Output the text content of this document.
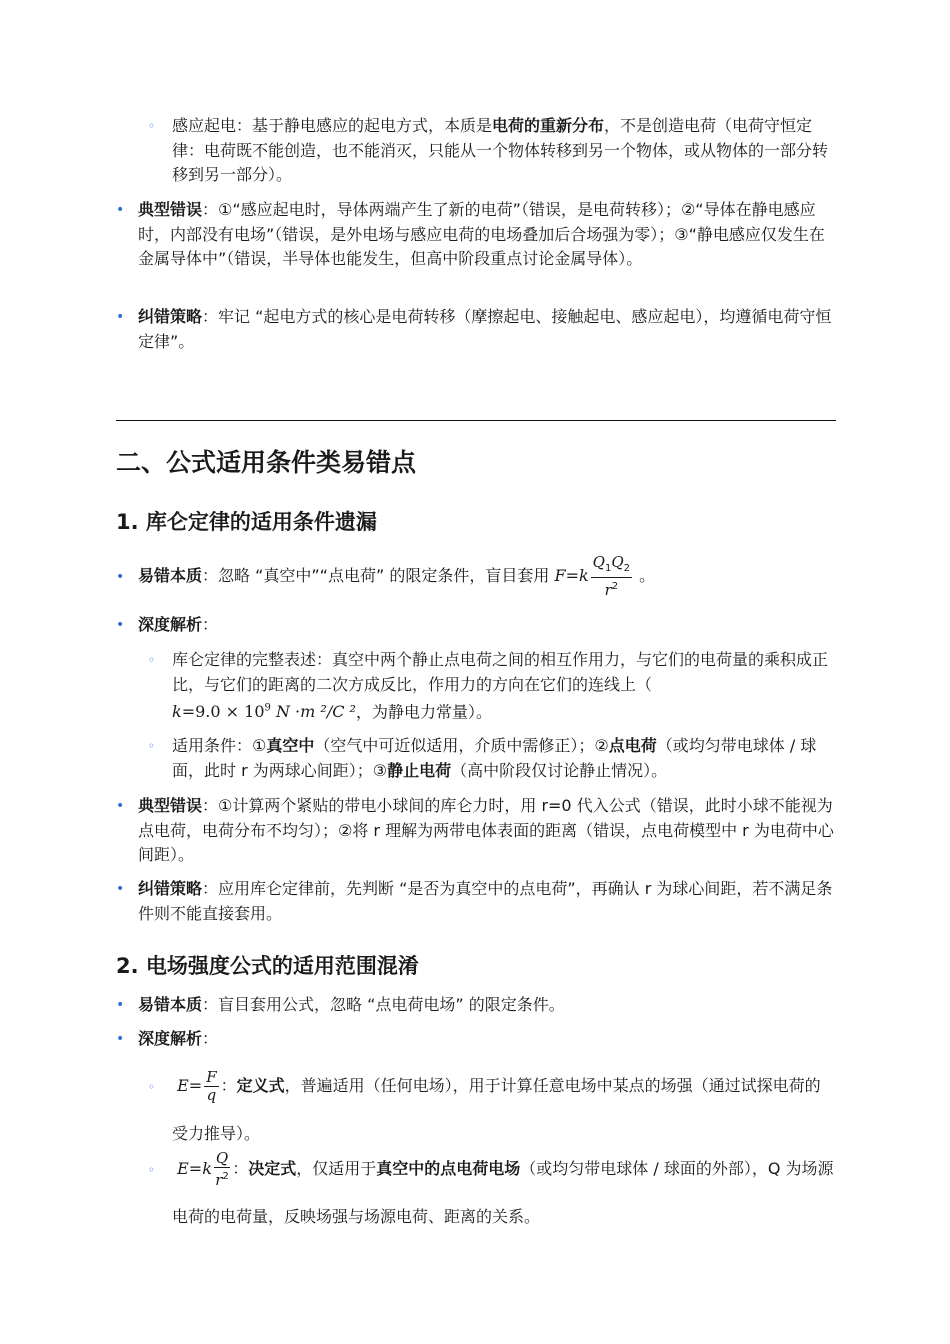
◦ 感应起电：基于静电感应的起电方式，本质是电荷的重新分布，不是创造电荷（电荷守恒定律：电荷既不能创造，也不能消灭，只能从一个物体转移到另一个物体，或从物体的一部分转移到另一部分）。
• 典型错误：①“感应起电时，导体两端产生了新的电荷”（错误，是电荷转移）；②“导体在静电感应时，内部没有电场”（错误，是外电场与感应电荷的电场叠加后合场强为零）；③“静电感应仅发生在金属导体中”（错误，半导体也能发生，但高中阶段重点讨论金属导体）。
• 纠错策略：牢记 “起电方式的核心是电荷转移（摩擦起电、接触起电、感应起电），均遵循电荷守恒定律”。
二、公式适用条件类易错点
1. 库仑定律的适用条件遗漏
• 易错本质：忽略 “真空中”“点电荷” 的限定条件，盲目套用 $F=k \frac{Q_1Q_2}{r^2}$ 。
• 深度解析：
◦ 库仑定律的完整表述：真空中两个静止点电荷之间的相互作用力，与它们的电荷量的乘积成正比，与它们的距离的二次方成反比，作用力的方向在它们的连线上（
$k=9.0 \times 10^9$ N ·m ²/C ²，为静电力常量）。
◦ 适用条件：①真空中（空气中可近似适用，介质中需修正）；②点电荷（或均匀带电球体 / 球面，此时 r 为两球心间距）；③静止电荷（高中阶段仅讨论静止情况）。
• 典型错误：①计算两个紧贴的带电小球间的库仑力时，用 r=0 代入公式（错误，此时小球不能视为点电荷，电荷分布不均匀）；②将 r 理解为两带电体表面的距离（错误，点电荷模型中 r 为电荷中心间距）。
• 纠错策略：应用库仑定律前，先判断 “是否为真空中的点电荷”，再确认 r 为球心间距，若不满足条件则不能直接套用。
2. 电场强度公式的适用范围混淆
• 易错本质：盲目套用公式，忽略 “点电荷电场” 的限定条件。
• 深度解析：
◦	$E= \frac{F}{q}$ ：定义式，普遍适用（任何电场），用于计算任意电场中某点的场强（通过试探电荷的受力推导）。
◦	$E=k \frac{Q}{r^2}$ ：决定式，仅适用于真空中的点电荷电场（或均匀带电球体 / 球面的外部），Q 为场源电荷的电荷量，反映场强与场源电荷、距离的关系。
